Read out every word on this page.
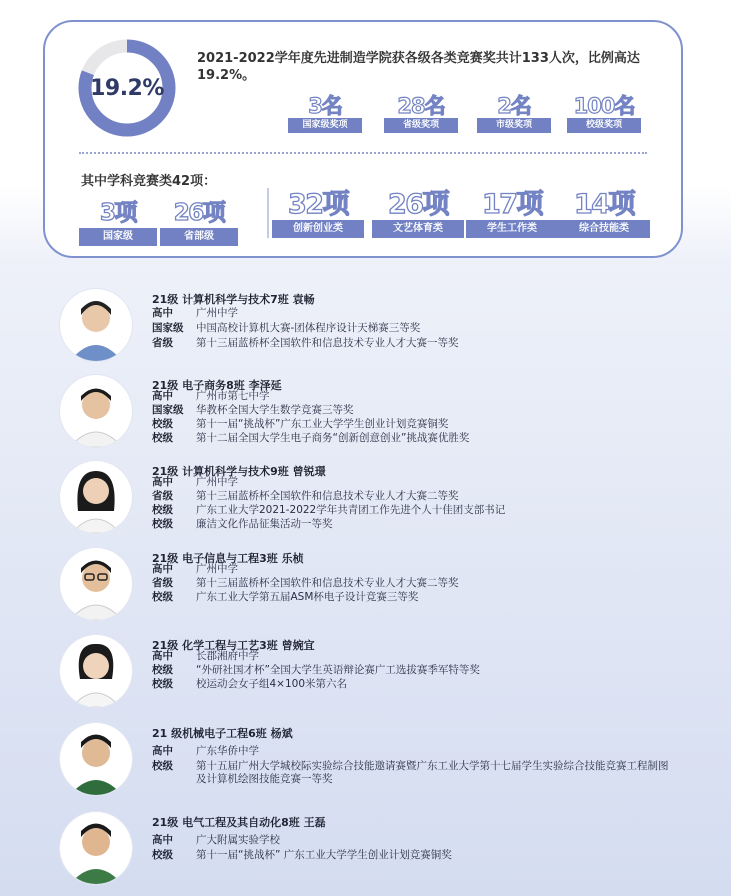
19.2%
2021-2022学年度先进制造学院获各级各类竞赛奖共计133人次，比例高达19.2%。
3名
国家级奖项
28名
省级奖项
2名
市级奖项
100名
校级奖项
其中学科竞赛类42项：
3项
国家级
26项
省部级
32项
创新创业类
26项
文艺体育类
17项
学生工作类
14项
综合技能类
21级 计算机科学与技术7班 袁畅
高中 广州中学
国家级 中国高校计算机大赛-团体程序设计天梯赛三等奖
省级 第十三届蓝桥杯全国软件和信息技术专业人才大赛一等奖
21级 电子商务8班 李泽延
高中 广州市第七中学
国家级 华教杯全国大学生数学竞赛三等奖
校级 第十一届“挑战杯”广东工业大学学生创业计划竞赛铜奖
校级 第十二届全国大学生电子商务“创新创意创业”挑战赛优胜奖
21级 计算机科学与技术9班 曾锐璟
高中 广州中学
省级 第十三届蓝桥杯全国软件和信息技术专业人才大赛二等奖
校级 广东工业大学2021-2022学年共青团工作先进个人十佳团支部书记
校级 廉洁文化作品征集活动一等奖
21级 电子信息与工程3班 乐桢
高中 广州中学
省级 第十三届蓝桥杯全国软件和信息技术专业人才大赛二等奖
校级 广东工业大学第五届ASM杯电子设计竞赛三等奖
21级 化学工程与工艺3班 曾婉宜
高中 长郡湘府中学
校级 “外研社国才杯”全国大学生英语辩论赛广工选拔赛季军特等奖
校级 校运动会女子组4×100米第六名
21 级机械电子工程6班 杨斌
高中 广东华侨中学
校级 第十五届广州大学城校际实验综合技能邀请赛暨广东工业大学第十七届学生实验综合技能竞赛工程制图及计算机绘图技能竞赛一等奖
21级 电气工程及其自动化8班 王磊
高中 广大附属实验学校
校级 第十一届“挑战杯” 广东工业大学学生创业计划竞赛铜奖
